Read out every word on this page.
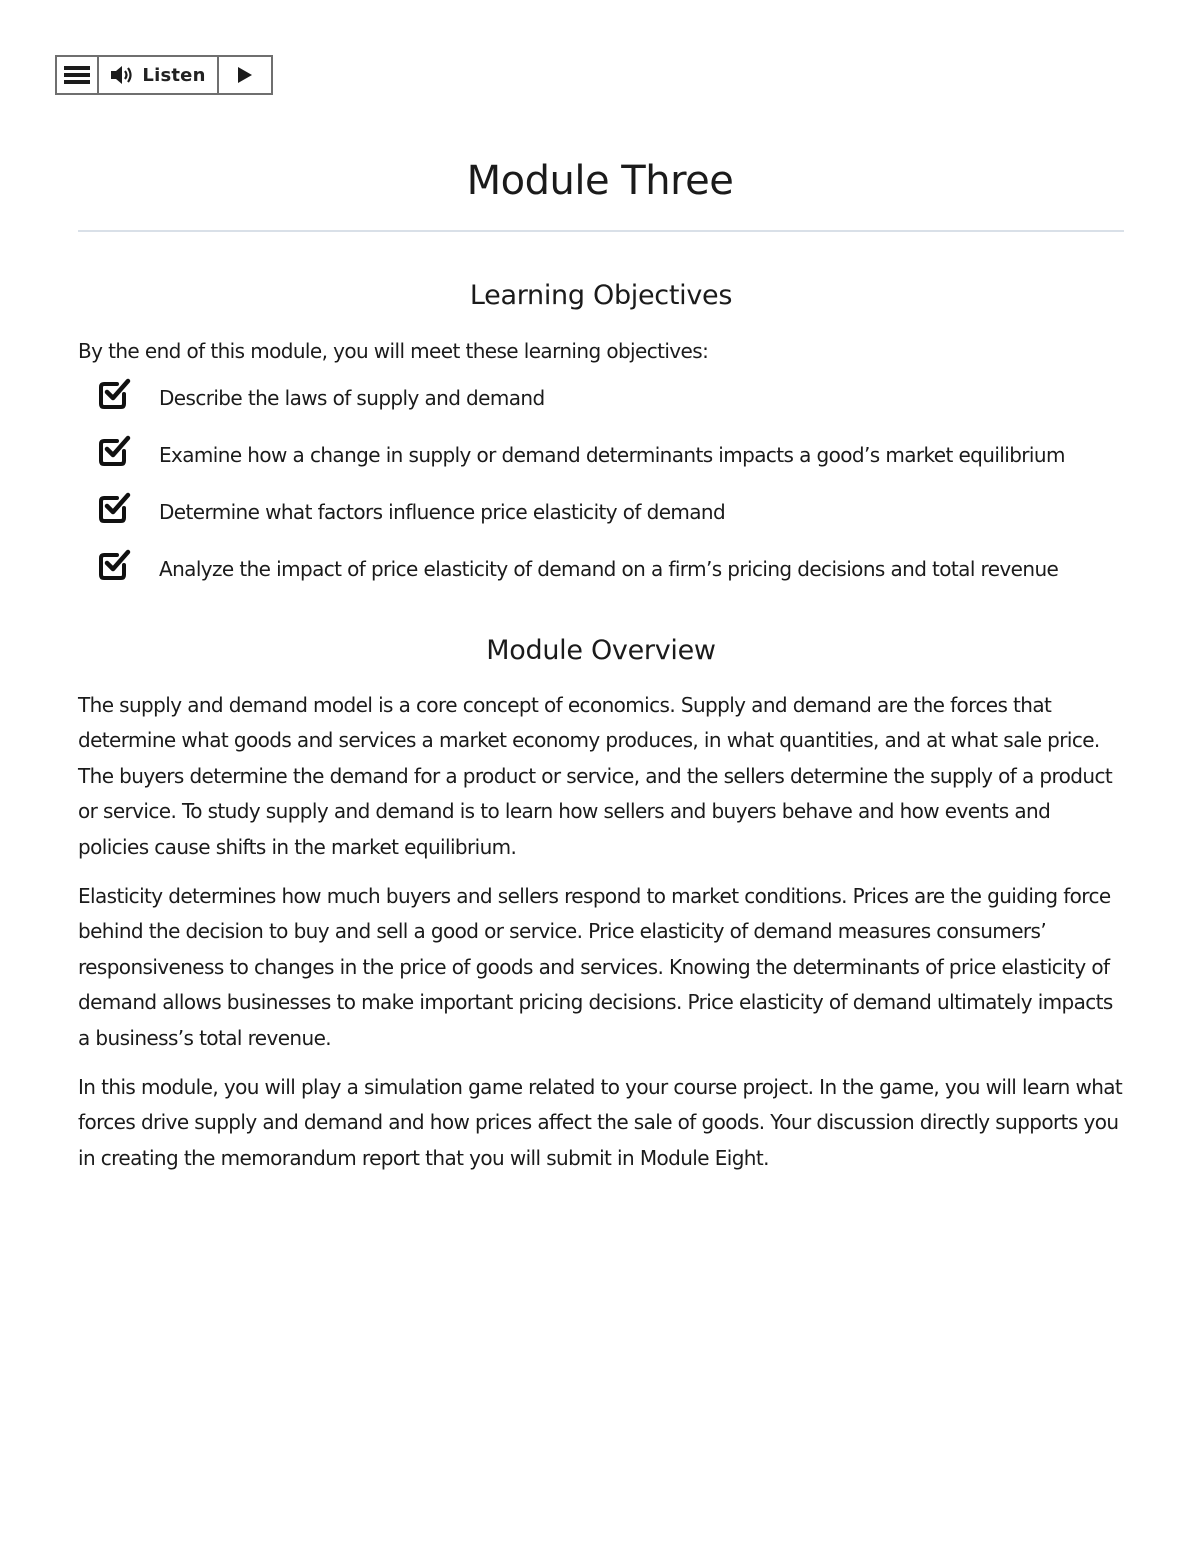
Listen
Module Three
Learning Objectives

By the end of this module, you will meet these learning objectives:

Describe the laws of supply and demand
Examine how a change in supply or demand determinants impacts a good’s market equilibrium
Determine what factors influence price elasticity of demand
Analyze the impact of price elasticity of demand on a firm’s pricing decisions and total revenue
Module Overview

The supply and demand model is a core concept of economics. Supply and demand are the forces that determine what goods and services a market economy produces, in what quantities, and at what sale price. The buyers determine the demand for a product or service, and the sellers determine the supply of a product or service. To study supply and demand is to learn how sellers and buyers behave and how events and policies cause shifts in the market equilibrium.

Elasticity determines how much buyers and sellers respond to market conditions. Prices are the guiding force behind the decision to buy and sell a good or service. Price elasticity of demand measures consumers’ responsiveness to changes in the price of goods and services. Knowing the determinants of price elasticity of demand allows businesses to make important pricing decisions. Price elasticity of demand ultimately impacts a business’s total revenue.

In this module, you will play a simulation game related to your course project. In the game, you will learn what forces drive supply and demand and how prices affect the sale of goods. Your discussion directly supports you in creating the memorandum report that you will submit in Module Eight.
